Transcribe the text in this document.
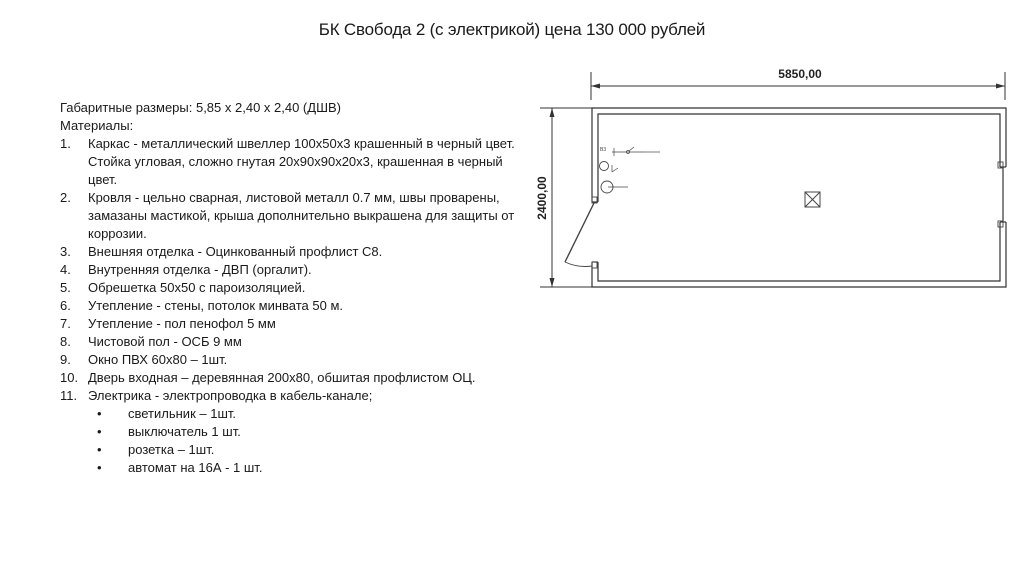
БК Свобода 2 (с электрикой) цена 130 000 рублей
Габаритные размеры: 5,85 x 2,40 x 2,40 (ДШВ)
Материалы:
1. Каркас - металлический швеллер 100х50х3 крашенный в черный цвет. Стойка угловая, сложно гнутая 20х90х90х20х3, крашенная в черный цвет.
2. Кровля - цельно сварная, листовой металл 0.7 мм, швы проварены, замазаны мастикой, крыша дополнительно выкрашена для защиты от коррозии.
3. Внешняя отделка - Оцинкованный профлист С8.
4. Внутренняя отделка - ДВП (оргалит).
5. Обрешетка 50х50 с пароизоляцией.
6. Утепление - стены, потолок минвата 50 м.
7. Утепление - пол пенофол 5 мм
8. Чистовой пол - ОСБ 9 мм
9. Окно ПВХ 60х80 – 1шт.
10. Дверь входная – деревянная 200х80, обшитая профлистом ОЦ.
11. Электрика - электропроводка в кабель-канале;
• светильник – 1шт.
• выключатель 1 шт.
• розетка – 1шт.
• автомат на 16А - 1 шт.
5850,00
2400,00
В3
